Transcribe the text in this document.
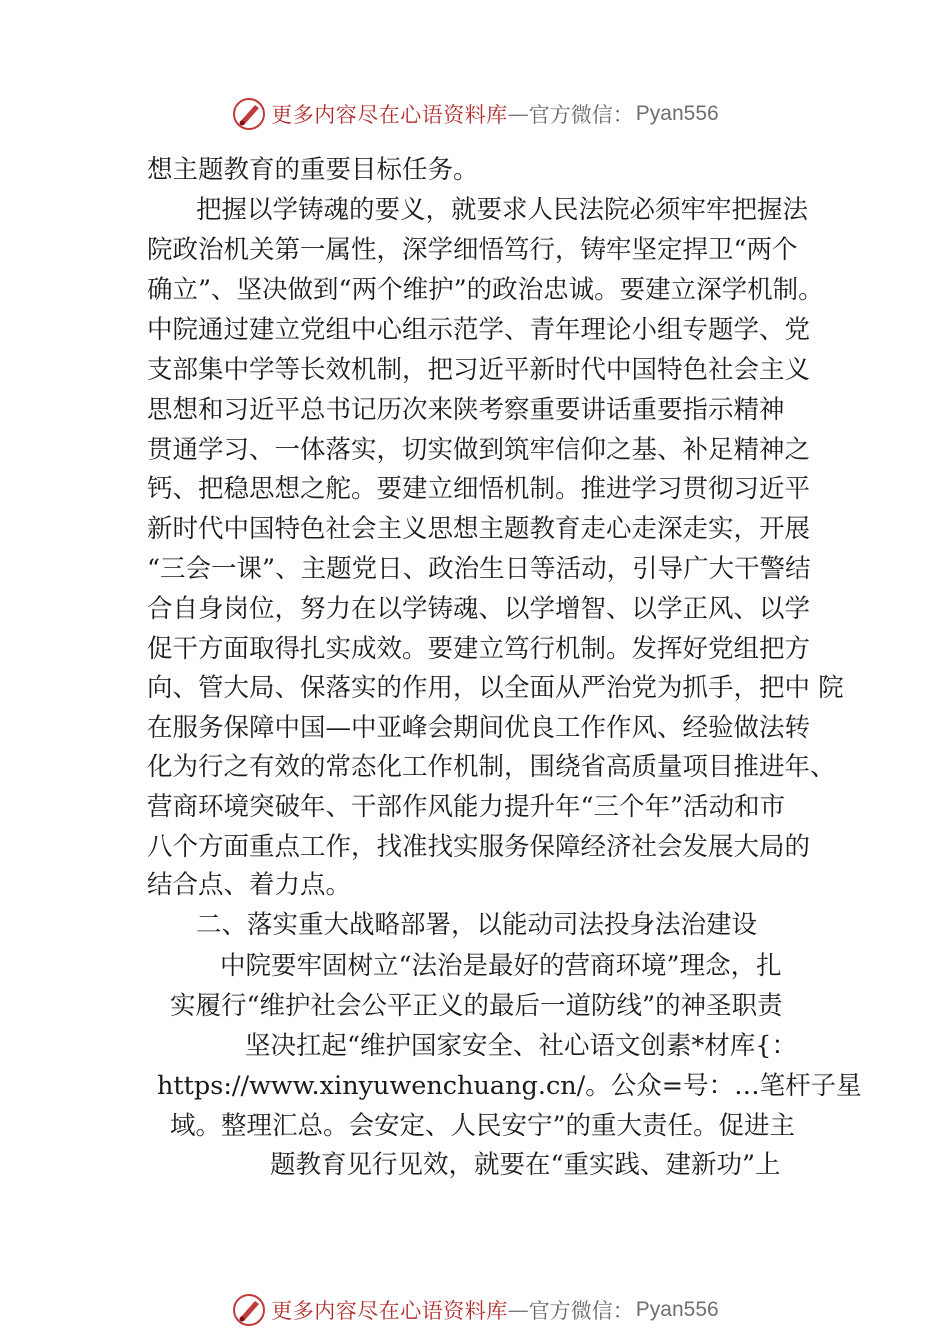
更多内容尽在心语资料库 — 官方微信： Pyan556
想主题教育的重要目标任务。
把握以学铸魂的要义，就要求人民法院必须牢牢把握法
院政治机关第一属性，深学细悟笃行，铸牢坚定捍卫“两个
确立”、坚决做到“两个维护”的政治忠诚。要建立深学机制。
中院通过建立党组中心组示范学、青年理论小组专题学、党
支部集中学等长效机制，把习近平新时代中国特色社会主义
思想和习近平总书记历次来陕考察重要讲话重要指示精神
贯通学习、一体落实，切实做到筑牢信仰之基、补足精神之
钙、把稳思想之舵。要建立细悟机制。推进学习贯彻习近平
新时代中国特色社会主义思想主题教育走心走深走实，开展
“三会一课”、主题党日、政治生日等活动，引导广大干警结
合自身岗位，努力在以学铸魂、以学增智、以学正风、以学
促干方面取得扎实成效。要建立笃行机制。发挥好党组把方
向、管大局、保落实的作用，以全面从严治党为抓手，把中 院
在服务保障中国—中亚峰会期间优良工作作风、经验做法转
化为行之有效的常态化工作机制，围绕省高质量项目推进年、
营商环境突破年、干部作风能力提升年“三个年”活动和市
八个方面重点工作，找准找实服务保障经济社会发展大局的
结合点、着力点。
二、落实重大战略部署，以能动司法投身法治建设
中院要牢固树立“法治是最好的营商环境”理念，扎
实履行“维护社会公平正义的最后一道防线”的神圣职责
坚决扛起“维护国家安全、社心语文创素*材库{：
https://www.xinyuwenchuang.cn/。公众=号：…笔杆子星
域。整理汇总。会安定、人民安宁”的重大责任。促进主
题教育见行见效，就要在“重实践、建新功”上
更多内容尽在心语资料库 — 官方微信： Pyan556
